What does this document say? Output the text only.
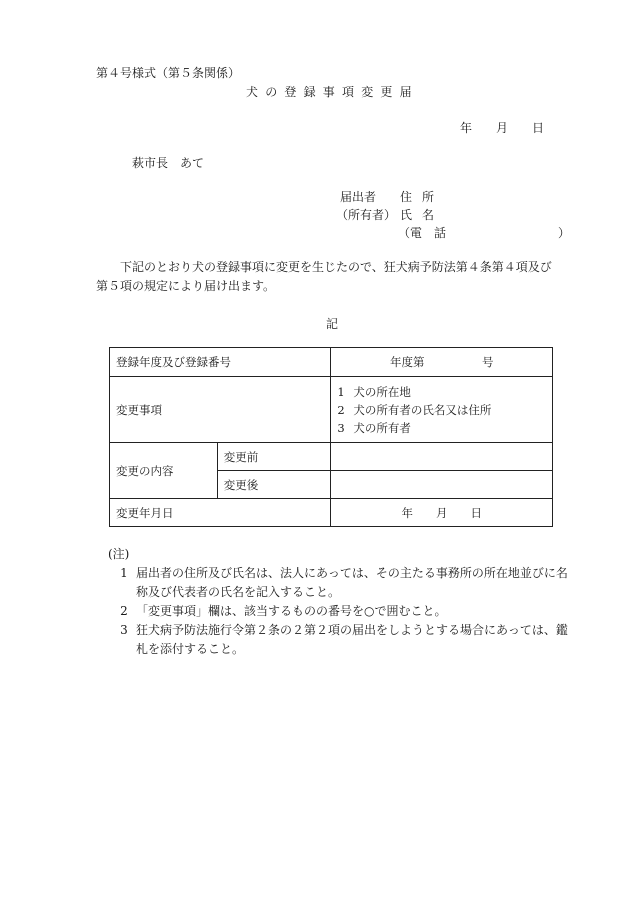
第４号様式（第５条関係）
犬の登録事項変更届
年 月 日
萩市長 あて
届出者	住所
（所有者） 氏名
（電　話	）
下記のとおり犬の登録事項に変更を生じたので、狂犬病予防法第４条第４項及び第５項の規定により届け出ます。
記
登録年度及び登録番号		年度第　　　　　号
変更事項		1 犬の所在地
2 犬の所有者の氏名又は住所
3 犬の所有者

変更の内容	変更前	
	変更後	
変更年月日		年　　月　　日
(注)
1 届出者の住所及び氏名は、法人にあっては、その主たる事務所の所在地並びに名称及び代表者の氏名を記入すること。
2 「変更事項」欄は、該当するものの番号を○で囲むこと。
3 狂犬病予防法施行令第２条の２第２項の届出をしようとする場合にあっては、鑑札を添付すること。
